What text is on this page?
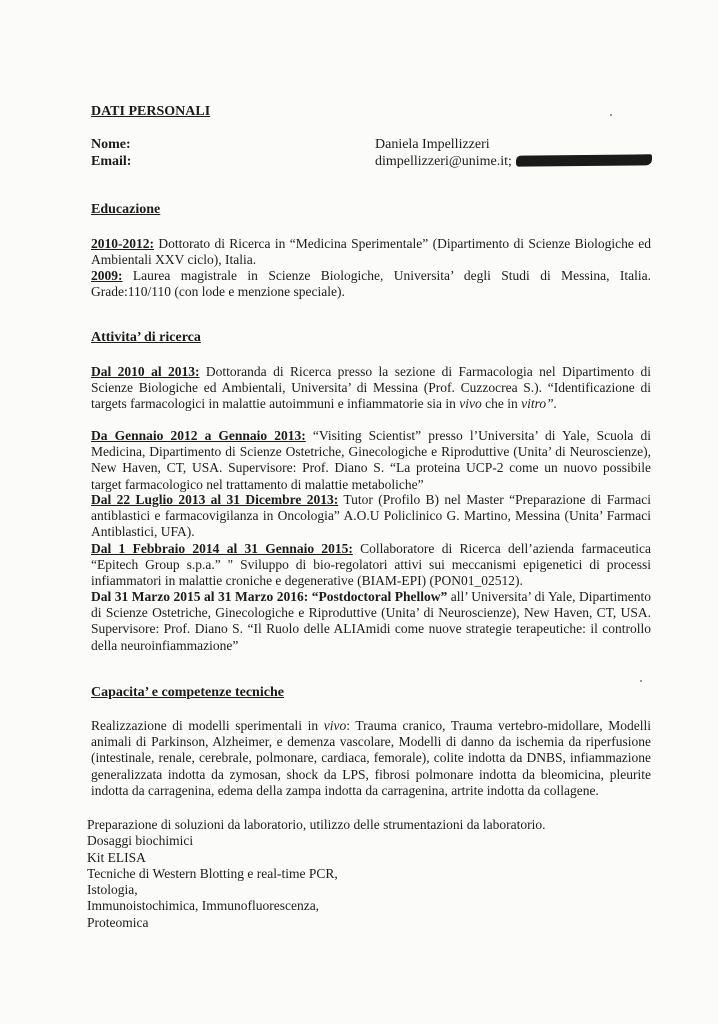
DATI PERSONALI
Nome:	Daniela Impellizzeri
Email:	dimpellizzeri@unime.it;
Educazione
2010-2012: Dottorato di Ricerca in “Medicina Sperimentale” (Dipartimento di Scienze Biologiche ed Ambientali XXV ciclo), Italia.
2009: Laurea magistrale in Scienze Biologiche, Universita’ degli Studi di Messina, Italia. Grade:110/110 (con lode e menzione speciale).
Attivita’ di ricerca
Dal 2010 al 2013: Dottoranda di Ricerca presso la sezione di Farmacologia nel Dipartimento di Scienze Biologiche ed Ambientali, Universita’ di Messina (Prof. Cuzzocrea S.). “Identificazione di targets farmacologici in malattie autoimmuni e infiammatorie sia in vivo che in vitro”.
Da Gennaio 2012 a Gennaio 2013: “Visiting Scientist” presso l’Universita’ di Yale, Scuola di Medicina, Dipartimento di Scienze Ostetriche, Ginecologiche e Riproduttive (Unita’ di Neuroscienze), New Haven, CT, USA. Supervisore: Prof. Diano S. “La proteina UCP-2 come un nuovo possibile target farmacologico nel trattamento di malattie metaboliche”
Dal 22 Luglio 2013 al 31 Dicembre 2013: Tutor (Profilo B) nel Master “Preparazione di Farmaci antiblastici e farmacovigilanza in Oncologia” A.O.U Policlinico G. Martino, Messina (Unita’ Farmaci Antiblastici, UFA).
Dal 1 Febbraio 2014 al 31 Gennaio 2015: Collaboratore di Ricerca dell’azienda farmaceutica “Epitech Group s.p.a.” " Sviluppo di bio-regolatori attivi sui meccanismi epigenetici di processi infiammatori in malattie croniche e degenerative (BIAM-EPI) (PON01_02512).
Dal 31 Marzo 2015 al 31 Marzo 2016: “Postdoctoral Phellow” all’ Universita’ di Yale, Dipartimento di Scienze Ostetriche, Ginecologiche e Riproduttive (Unita’ di Neuroscienze), New Haven, CT, USA. Supervisore: Prof. Diano S. “Il Ruolo delle ALIAmidi come nuove strategie terapeutiche: il controllo della neuroinfiammazione”
Capacita’ e competenze tecniche
Realizzazione di modelli sperimentali in vivo: Trauma cranico, Trauma vertebro-midollare, Modelli animali di Parkinson, Alzheimer, e demenza vascolare, Modelli di danno da ischemia da riperfusione (intestinale, renale, cerebrale, polmonare, cardiaca, femorale), colite indotta da DNBS, infiammazione generalizzata indotta da zymosan, shock da LPS, fibrosi polmonare indotta da bleomicina, pleurite indotta da carragenina, edema della zampa indotta da carragenina, artrite indotta da collagene.
Preparazione di soluzioni da laboratorio, utilizzo delle strumentazioni da laboratorio.
Dosaggi biochimici
Kit ELISA
Tecniche di Western Blotting e real-time PCR,
Istologia,
Immunoistochimica, Immunofluorescenza,
Proteomica
